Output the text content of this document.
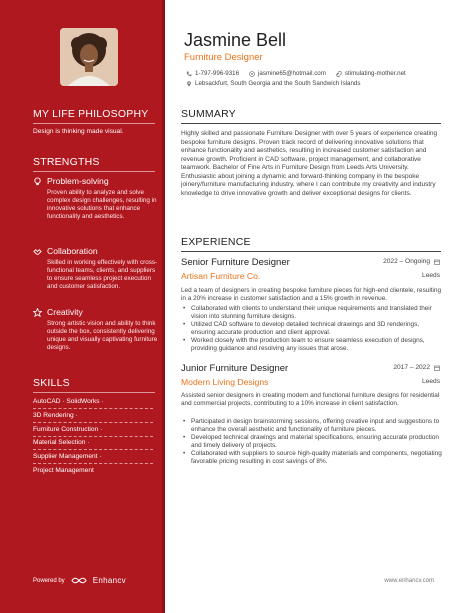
MY LIFE PHILOSOPHY
Design is thinking made visual.
STRENGTHS
Problem-solving
Proven ability to analyze and solve complex design challenges, resulting in innovative solutions that enhance functionality and aesthetics.
Collaboration
Skilled in working effectively with cross-functional teams, clients, and suppliers to ensure seamless project execution and customer satisfaction.
Creativity
Strong artistic vision and ability to think outside the box, consistently delivering unique and visually captivating furniture designs.
SKILLS
AutoCAD · SolidWorks ·
3D Rendering ·
Furniture Construction ·
Material Selection ·
Supplier Management ·
Project Management
Powered by	Enhancv
Jasmine Bell
Furniture Designer
1-797-996-9316	jasmine65@hotmail.com	stimulating-mother.net
Lebsackfurt, South Georgia and the South Sandwich Islands
SUMMARY
Highly skilled and passionate Furniture Designer with over 5 years of experience creating bespoke furniture designs. Proven track record of delivering innovative solutions that enhance functionality and aesthetics, resulting in increased customer satisfaction and revenue growth. Proficient in CAD software, project management, and collaborative teamwork. Bachelor of Fine Arts in Furniture Design from Leeds Arts University. Enthusiastic about joining a dynamic and forward-thinking company in the bespoke joinery/furniture manufacturing industry, where I can contribute my creativity and industry knowledge to drive innovative growth and deliver exceptional designs for clients.
EXPERIENCE
Senior Furniture Designer	2022 – Ongoing
Artisan Furniture Co.	Leeds
Led a team of designers in creating bespoke furniture pieces for high-end clientele, resulting in a 20% increase in customer satisfaction and a 15% growth in revenue.
• Collaborated with clients to understand their unique requirements and translated their vision into stunning furniture designs.
• Utilized CAD software to develop detailed technical drawings and 3D renderings, ensuring accurate production and client approval.
• Worked closely with the production team to ensure seamless execution of designs, providing guidance and resolving any issues that arose.
Junior Furniture Designer	2017 – 2022
Modern Living Designs	Leeds
Assisted senior designers in creating modern and functional furniture designs for residential and commercial projects, contributing to a 10% increase in client satisfaction.
• Participated in design brainstorming sessions, offering creative input and suggestions to enhance the overall aesthetic and functionality of furniture pieces.
• Developed technical drawings and material specifications, ensuring accurate production and timely delivery of projects.
• Collaborated with suppliers to source high-quality materials and components, negotiating favorable pricing resulting in cost savings of 8%.
www.enhancv.com
